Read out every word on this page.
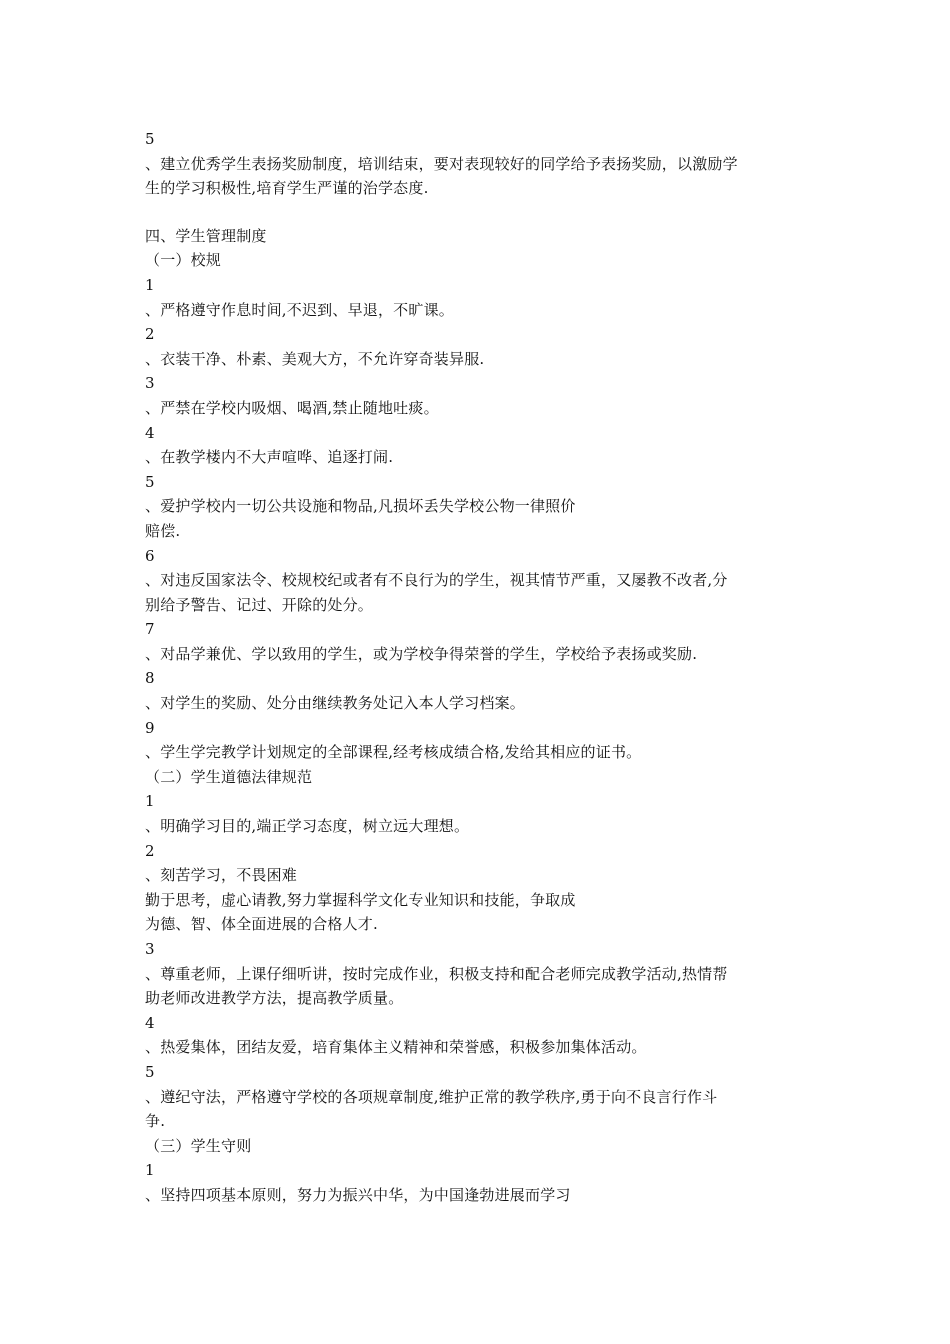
5
、建立优秀学生表扬奖励制度，培训结束，要对表现较好的同学给予表扬奖励，以激励学
生的学习积极性,培育学生严谨的治学态度.
四、学生管理制度
（一）校规
1
、严格遵守作息时间,不迟到、早退，不旷课。
2
、衣装干净、朴素、美观大方，不允许穿奇装异服.
3
、严禁在学校内吸烟、喝酒,禁止随地吐痰。
4
、在教学楼内不大声喧哗、追逐打闹.
5
、爱护学校内一切公共设施和物品,凡损坏丢失学校公物一律照价
赔偿.
6
、对违反国家法令、校规校纪或者有不良行为的学生，视其情节严重，又屡教不改者,分
别给予警告、记过、开除的处分。
7
、对品学兼优、学以致用的学生，或为学校争得荣誉的学生，学校给予表扬或奖励.
8
、对学生的奖励、处分由继续教务处记入本人学习档案。
9
、学生学完教学计划规定的全部课程,经考核成绩合格,发给其相应的证书。
（二）学生道德法律规范
1
、明确学习目的,端正学习态度，树立远大理想。
2
、刻苦学习，不畏困难
勤于思考，虚心请教,努力掌握科学文化专业知识和技能，争取成
为德、智、体全面进展的合格人才.
3
、尊重老师，上课仔细听讲，按时完成作业，积极支持和配合老师完成教学活动,热情帮
助老师改进教学方法，提高教学质量。
4
、热爱集体，团结友爱，培育集体主义精神和荣誉感，积极参加集体活动。
5
、遵纪守法，严格遵守学校的各项规章制度,维护正常的教学秩序,勇于向不良言行作斗
争.
（三）学生守则
1
、坚持四项基本原则，努力为振兴中华，为中国逢勃进展而学习
